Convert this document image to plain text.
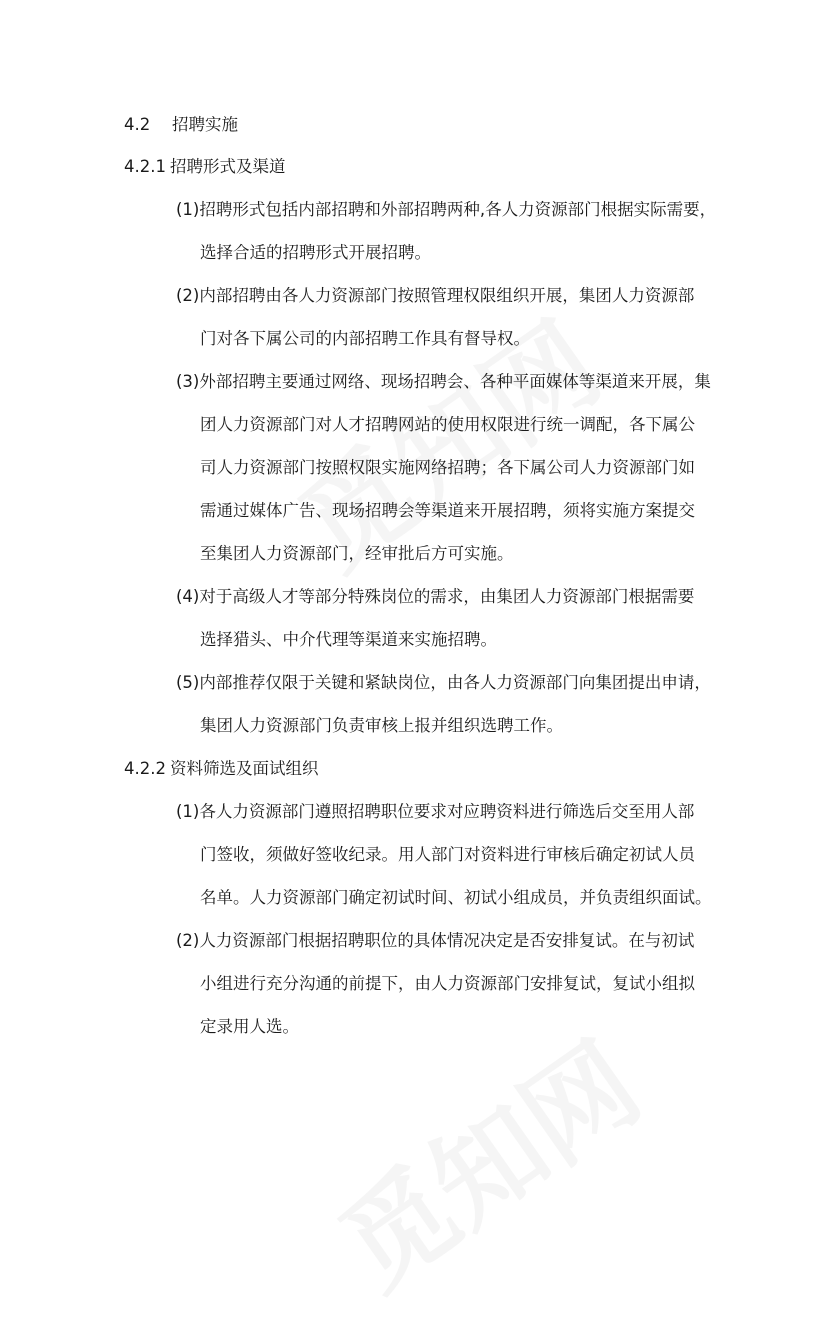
4.2 招聘实施
4.2.1 招聘形式及渠道
(1)招聘形式包括内部招聘和外部招聘两种,各人力资源部门根据实际需要，
选择合适的招聘形式开展招聘。
(2)内部招聘由各人力资源部门按照管理权限组织开展，集团人力资源部
门对各下属公司的内部招聘工作具有督导权。
(3)外部招聘主要通过网络、现场招聘会、各种平面媒体等渠道来开展，集
团人力资源部门对人才招聘网站的使用权限进行统一调配，各下属公
司人力资源部门按照权限实施网络招聘；各下属公司人力资源部门如
需通过媒体广告、现场招聘会等渠道来开展招聘，须将实施方案提交
至集团人力资源部门，经审批后方可实施。
(4)对于高级人才等部分特殊岗位的需求，由集团人力资源部门根据需要
选择猎头、中介代理等渠道来实施招聘。
(5)内部推荐仅限于关键和紧缺岗位，由各人力资源部门向集团提出申请，
集团人力资源部门负责审核上报并组织选聘工作。
4.2.2 资料筛选及面试组织
(1)各人力资源部门遵照招聘职位要求对应聘资料进行筛选后交至用人部
门签收，须做好签收纪录。用人部门对资料进行审核后确定初试人员
名单。人力资源部门确定初试时间、初试小组成员，并负责组织面试。
(2)人力资源部门根据招聘职位的具体情况决定是否安排复试。在与初试
小组进行充分沟通的前提下，由人力资源部门安排复试，复试小组拟
定录用人选。
